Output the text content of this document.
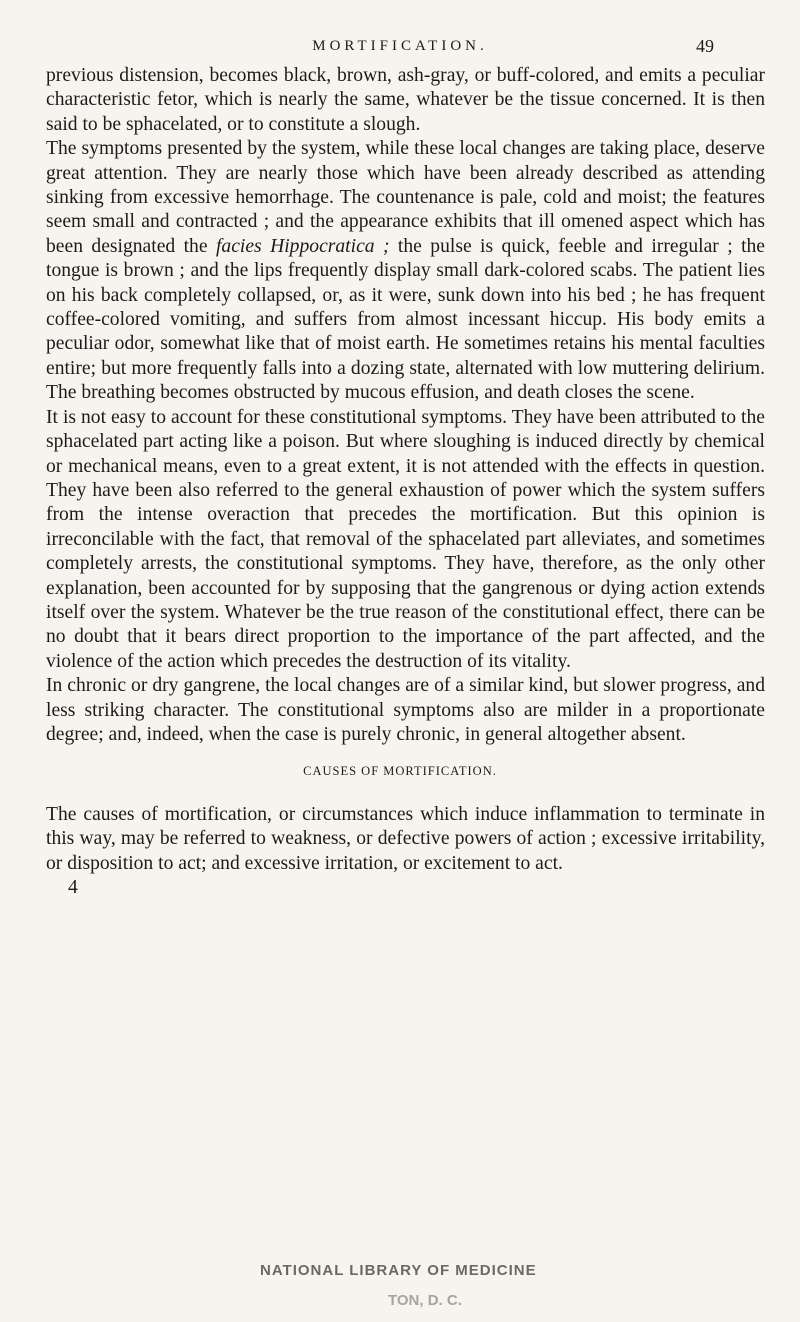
MORTIFICATION.	49

previous distension, becomes black, brown, ash-gray, or buff-colored, and emits a peculiar characteristic fetor, which is nearly the same, whatever be the tissue concerned. It is then said to be sphacelated, or to constitute a slough.

The symptoms presented by the system, while these local changes are taking place, deserve great attention. They are nearly those which have been already described as attending sinking from excessive hemorrhage. The countenance is pale, cold and moist; the features seem small and contracted ; and the appearance exhibits that ill omened aspect which has been designated the facies Hippocratica ; the pulse is quick, feeble and irregular ; the tongue is brown ; and the lips frequently display small dark-colored scabs. The patient lies on his back completely collapsed, or, as it were, sunk down into his bed ; he has frequent coffee-colored vomiting, and suffers from almost incessant hiccup. His body emits a peculiar odor, somewhat like that of moist earth. He sometimes retains his mental faculties entire; but more frequently falls into a dozing state, alternated with low muttering delirium. The breathing becomes obstructed by mucous effusion, and death closes the scene.

It is not easy to account for these constitutional symptoms. They have been attributed to the sphacelated part acting like a poison. But where sloughing is induced directly by chemical or mechanical means, even to a great extent, it is not attended with the effects in question. They have been also referred to the general exhaustion of power which the system suffers from the intense overaction that precedes the mortification. But this opinion is irreconcilable with the fact, that removal of the sphacelated part alleviates, and sometimes completely arrests, the constitutional symptoms. They have, therefore, as the only other explanation, been accounted for by supposing that the gangrenous or dying action extends itself over the system. Whatever be the true reason of the constitutional effect, there can be no doubt that it bears direct proportion to the importance of the part affected, and the violence of the action which precedes the destruction of its vitality.

In chronic or dry gangrene, the local changes are of a similar kind, but slower progress, and less striking character. The constitutional symptoms also are milder in a proportionate degree; and, indeed, when the case is purely chronic, in general altogether absent.

CAUSES OF MORTIFICATION.

The causes of mortification, or circumstances which induce inflammation to terminate in this way, may be referred to weakness, or defective powers of action ; excessive irritability, or disposition to act; and excessive irritation, or excitement to act.

4
NATIONAL LIBRARY OF MEDICINE
TON, D. C.
